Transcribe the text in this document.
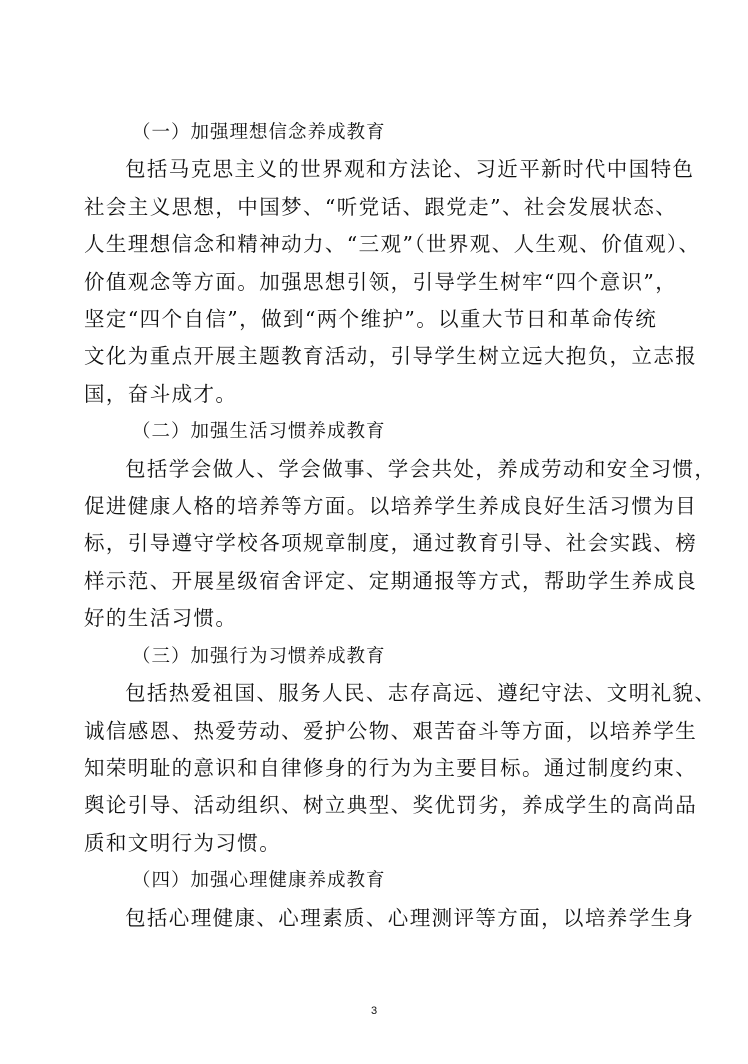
（一）加强理想信念养成教育

包括马克思主义的世界观和方法论、习近平新时代中国特色
社会主义思想，中国梦、“听党话、跟党走”、社会发展状态、
人生理想信念和精神动力、“三观”（世界观、人生观、价值观）、
价值观念等方面。加强思想引领，引导学生树牢“四个意识”，
坚定“四个自信”，做到“两个维护”。以重大节日和革命传统
文化为重点开展主题教育活动，引导学生树立远大抱负，立志报
国，奋斗成才。

（二）加强生活习惯养成教育

包括学会做人、学会做事、学会共处，养成劳动和安全习惯，
促进健康人格的培养等方面。以培养学生养成良好生活习惯为目
标，引导遵守学校各项规章制度，通过教育引导、社会实践、榜
样示范、开展星级宿舍评定、定期通报等方式，帮助学生养成良
好的生活习惯。

（三）加强行为习惯养成教育

包括热爱祖国、服务人民、志存高远、遵纪守法、文明礼貌、
诚信感恩、热爱劳动、爱护公物、艰苦奋斗等方面，以培养学生
知荣明耻的意识和自律修身的行为为主要目标。通过制度约束、
舆论引导、活动组织、树立典型、奖优罚劣，养成学生的高尚品
质和文明行为习惯。

（四）加强心理健康养成教育

包括心理健康、心理素质、心理测评等方面，以培养学生身

3
